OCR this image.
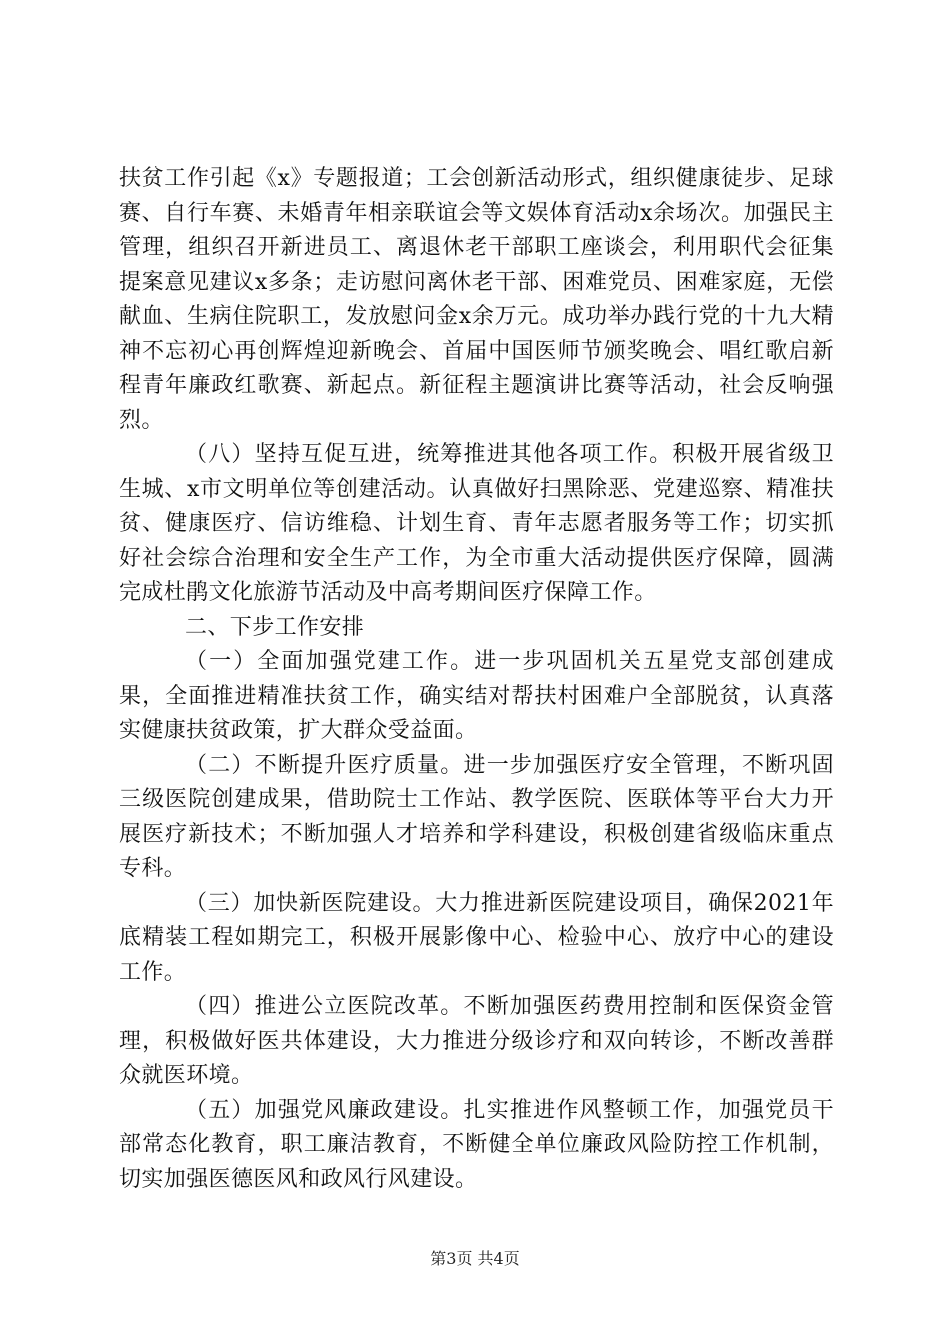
扶贫工作引起《x》专题报道；工会创新活动形式，组织健康徒步、足球赛、自行车赛、未婚青年相亲联谊会等文娱体育活动x余场次。加强民主管理，组织召开新进员工、离退休老干部职工座谈会，利用职代会征集提案意见建议x多条；走访慰问离休老干部、困难党员、困难家庭，无偿献血、生病住院职工，发放慰问金x余万元。成功举办践行党的十九大精神不忘初心再创辉煌迎新晚会、首届中国医师节颁奖晚会、唱红歌启新程青年廉政红歌赛、新起点。新征程主题演讲比赛等活动，社会反响强烈。

（八）坚持互促互进，统筹推进其他各项工作。积极开展省级卫生城、x市文明单位等创建活动。认真做好扫黑除恶、党建巡察、精准扶贫、健康医疗、信访维稳、计划生育、青年志愿者服务等工作；切实抓好社会综合治理和安全生产工作，为全市重大活动提供医疗保障，圆满完成杜鹃文化旅游节活动及中高考期间医疗保障工作。

二、下步工作安排

（一）全面加强党建工作。进一步巩固机关五星党支部创建成果，全面推进精准扶贫工作，确实结对帮扶村困难户全部脱贫，认真落实健康扶贫政策，扩大群众受益面。

（二）不断提升医疗质量。进一步加强医疗安全管理，不断巩固三级医院创建成果，借助院士工作站、教学医院、医联体等平台大力开展医疗新技术；不断加强人才培养和学科建设，积极创建省级临床重点专科。

（三）加快新医院建设。大力推进新医院建设项目，确保2021年底精装工程如期完工，积极开展影像中心、检验中心、放疗中心的建设工作。

（四）推进公立医院改革。不断加强医药费用控制和医保资金管理，积极做好医共体建设，大力推进分级诊疗和双向转诊，不断改善群众就医环境。

（五）加强党风廉政建设。扎实推进作风整顿工作，加强党员干部常态化教育，职工廉洁教育，不断健全单位廉政风险防控工作机制，切实加强医德医风和政风行风建设。

第3页 共4页
